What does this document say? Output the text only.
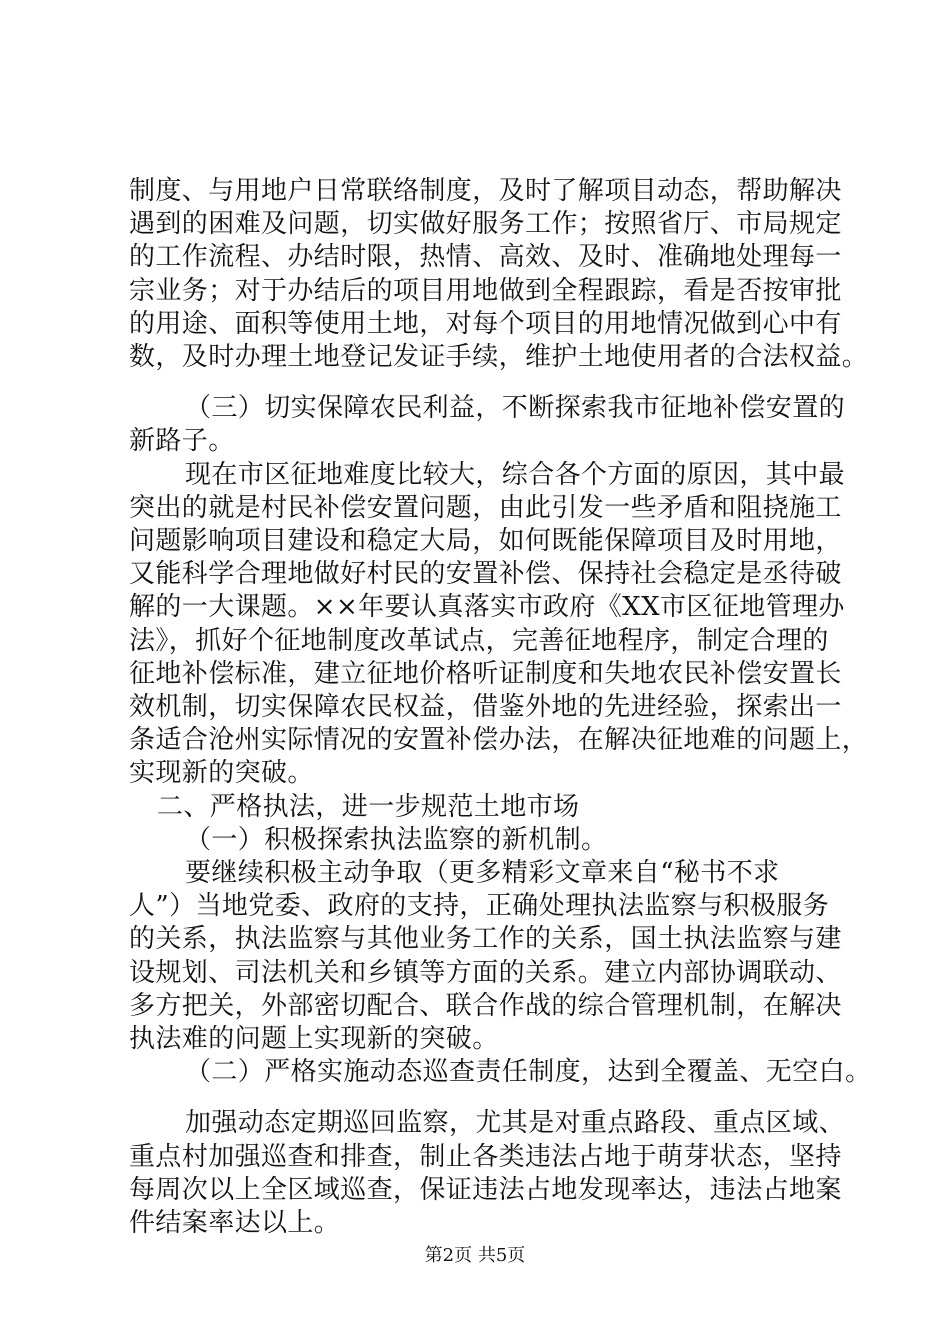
制度、与用地户日常联络制度，及时了解项目动态，帮助解决
遇到的困难及问题，切实做好服务工作；按照省厅、市局规定
的工作流程、办结时限，热情、高效、及时、准确地处理每一
宗业务；对于办结后的项目用地做到全程跟踪，看是否按审批
的用途、面积等使用土地，对每个项目的用地情况做到心中有
数，及时办理土地登记发证手续，维护土地使用者的合法权益。
（三）切实保障农民利益，不断探索我市征地补偿安置的
新路子。
现在市区征地难度比较大，综合各个方面的原因，其中最
突出的就是村民补偿安置问题，由此引发一些矛盾和阻挠施工
问题影响项目建设和稳定大局，如何既能保障项目及时用地，
又能科学合理地做好村民的安置补偿、保持社会稳定是丞待破
解的一大课题。××年要认真落实市政府《XX市区征地管理办
法》，抓好个征地制度改革试点，完善征地程序，制定合理的
征地补偿标准，建立征地价格听证制度和失地农民补偿安置长
效机制，切实保障农民权益，借鉴外地的先进经验，探索出一
条适合沧州实际情况的安置补偿办法，在解决征地难的问题上，
实现新的突破。
二、严格执法，进一步规范土地市场
（一）积极探索执法监察的新机制。
要继续积极主动争取（更多精彩文章来自“秘书不求
人”）当地党委、政府的支持，正确处理执法监察与积极服务
的关系，执法监察与其他业务工作的关系，国土执法监察与建
设规划、司法机关和乡镇等方面的关系。建立内部协调联动、
多方把关，外部密切配合、联合作战的综合管理机制，在解决
执法难的问题上实现新的突破。
（二）严格实施动态巡查责任制度，达到全覆盖、无空白。
加强动态定期巡回监察，尤其是对重点路段、重点区域、
重点村加强巡查和排查，制止各类违法占地于萌芽状态，坚持
每周次以上全区域巡查，保证违法占地发现率达，违法占地案
件结案率达以上。
第2页 共5页
